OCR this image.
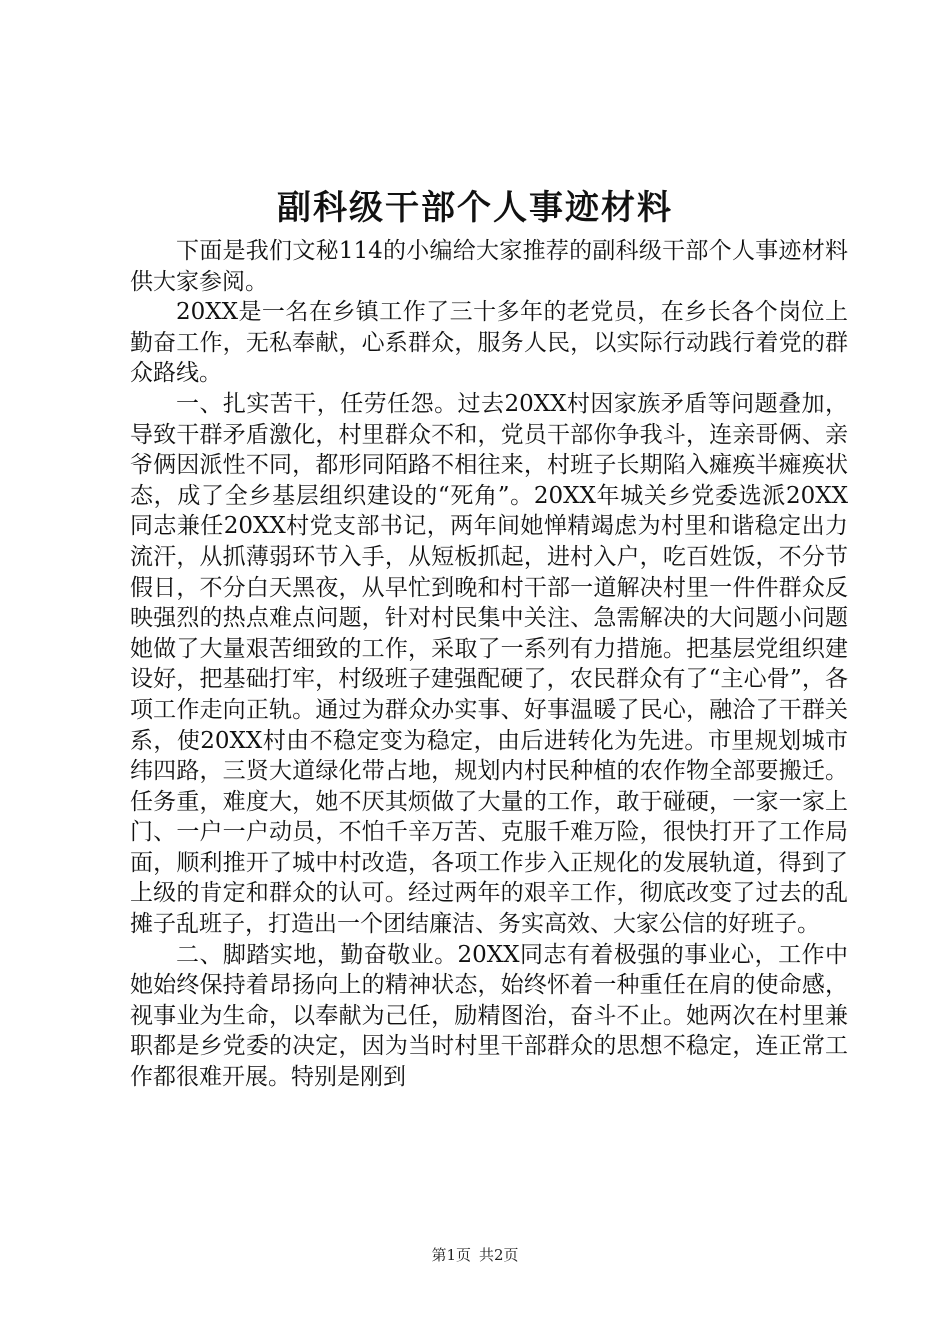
副科级干部个人事迹材料

下面是我们文秘114的小编给大家推荐的副科级干部个人事迹材料供大家参阅。

20XX是一名在乡镇工作了三十多年的老党员，在乡长各个岗位上勤奋工作，无私奉献，心系群众，服务人民，以实际行动践行着党的群众路线。

一、扎实苦干，任劳任怨。过去20XX村因家族矛盾等问题叠加，导致干群矛盾激化，村里群众不和，党员干部你争我斗，连亲哥俩、亲爷俩因派性不同，都形同陌路不相往来，村班子长期陷入瘫痪半瘫痪状态，成了全乡基层组织建设的“死角”。20XX年城关乡党委选派20XX同志兼任20XX村党支部书记，两年间她惮精竭虑为村里和谐稳定出力流汗，从抓薄弱环节入手，从短板抓起，进村入户，吃百姓饭，不分节假日，不分白天黑夜，从早忙到晚和村干部一道解决村里一件件群众反映强烈的热点难点问题，针对村民集中关注、急需解决的大问题小问题她做了大量艰苦细致的工作，采取了一系列有力措施。把基层党组织建设好，把基础打牢，村级班子建强配硬了，农民群众有了“主心骨”，各项工作走向正轨。通过为群众办实事、好事温暖了民心，融洽了干群关系，使20XX村由不稳定变为稳定，由后进转化为先进。市里规划城市纬四路，三贤大道绿化带占地，规划内村民种植的农作物全部要搬迁。任务重，难度大，她不厌其烦做了大量的工作，敢于碰硬，一家一家上门、一户一户动员，不怕千辛万苦、克服千难万险，很快打开了工作局面，顺利推开了城中村改造，各项工作步入正规化的发展轨道，得到了上级的肯定和群众的认可。经过两年的艰辛工作，彻底改变了过去的乱摊子乱班子，打造出一个团结廉洁、务实高效、大家公信的好班子。

二、脚踏实地，勤奋敬业。20XX同志有着极强的事业心，工作中她始终保持着昂扬向上的精神状态，始终怀着一种重任在肩的使命感，视事业为生命，以奉献为己任，励精图治，奋斗不止。她两次在村里兼职都是乡党委的决定，因为当时村里干部群众的思想不稳定，连正常工作都很难开展。特别是刚到

第1页 共2页
